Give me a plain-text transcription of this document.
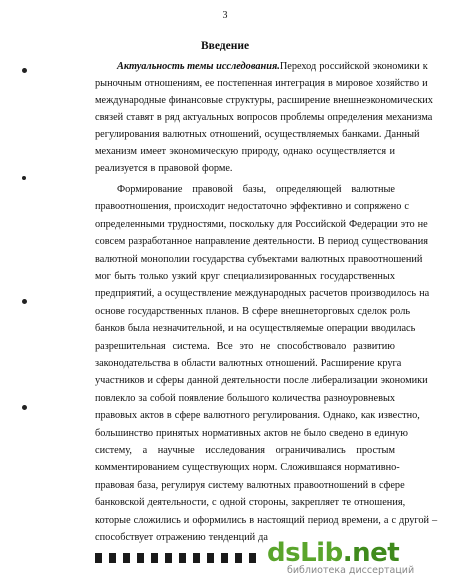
3
Введение
Актуальность темы исследования. Переход российской экономики к
рыночным отношениям, ее постепенная интеграция в мировое хозяйство и
международные финансовые структуры, расширение внешнеэкономических
связей ставят в ряд актуальных вопросов проблемы определения механизма
регулирования валютных отношений, осуществляемых банками. Данный
механизм имеет экономическую природу, однако осуществляется и
реализуется в правовой форме.
Формирование правовой базы, определяющей валютные
правоотношения, происходит недостаточно эффективно и сопряжено с
определенными трудностями, поскольку для Российской Федерации это не
совсем разработанное направление деятельности. В период существования
валютной монополии государства субъектами валютных правоотношений
мог быть только узкий круг специализированных государственных
предприятий, а осуществление международных расчетов производилось на
основе государственных планов. В сфере внешнеторговых сделок роль
банков была незначительной, и на осуществляемые операции вводилась
разрешительная система. Все это не способствовало развитию
законодательства в области валютных отношений. Расширение круга
участников и сферы данной деятельности после либерализации экономики
повлекло за собой появление большого количества разноуровневых
правовых актов в сфере валютного регулирования. Однако, как известно,
большинство принятых нормативных актов не было сведено в единую
систему, а научные исследования ограничивались простым
комментированием существующих норм. Сложившаяся нормативно-
правовая база, регулируя систему валютных правоотношений в сфере
банковской деятельности, с одной стороны, закрепляет те отношения,
которые сложились и оформились в настоящий период времени, а с другой –
способствует отражению тенденций да
dsLib.net
библиотека диссертаций
